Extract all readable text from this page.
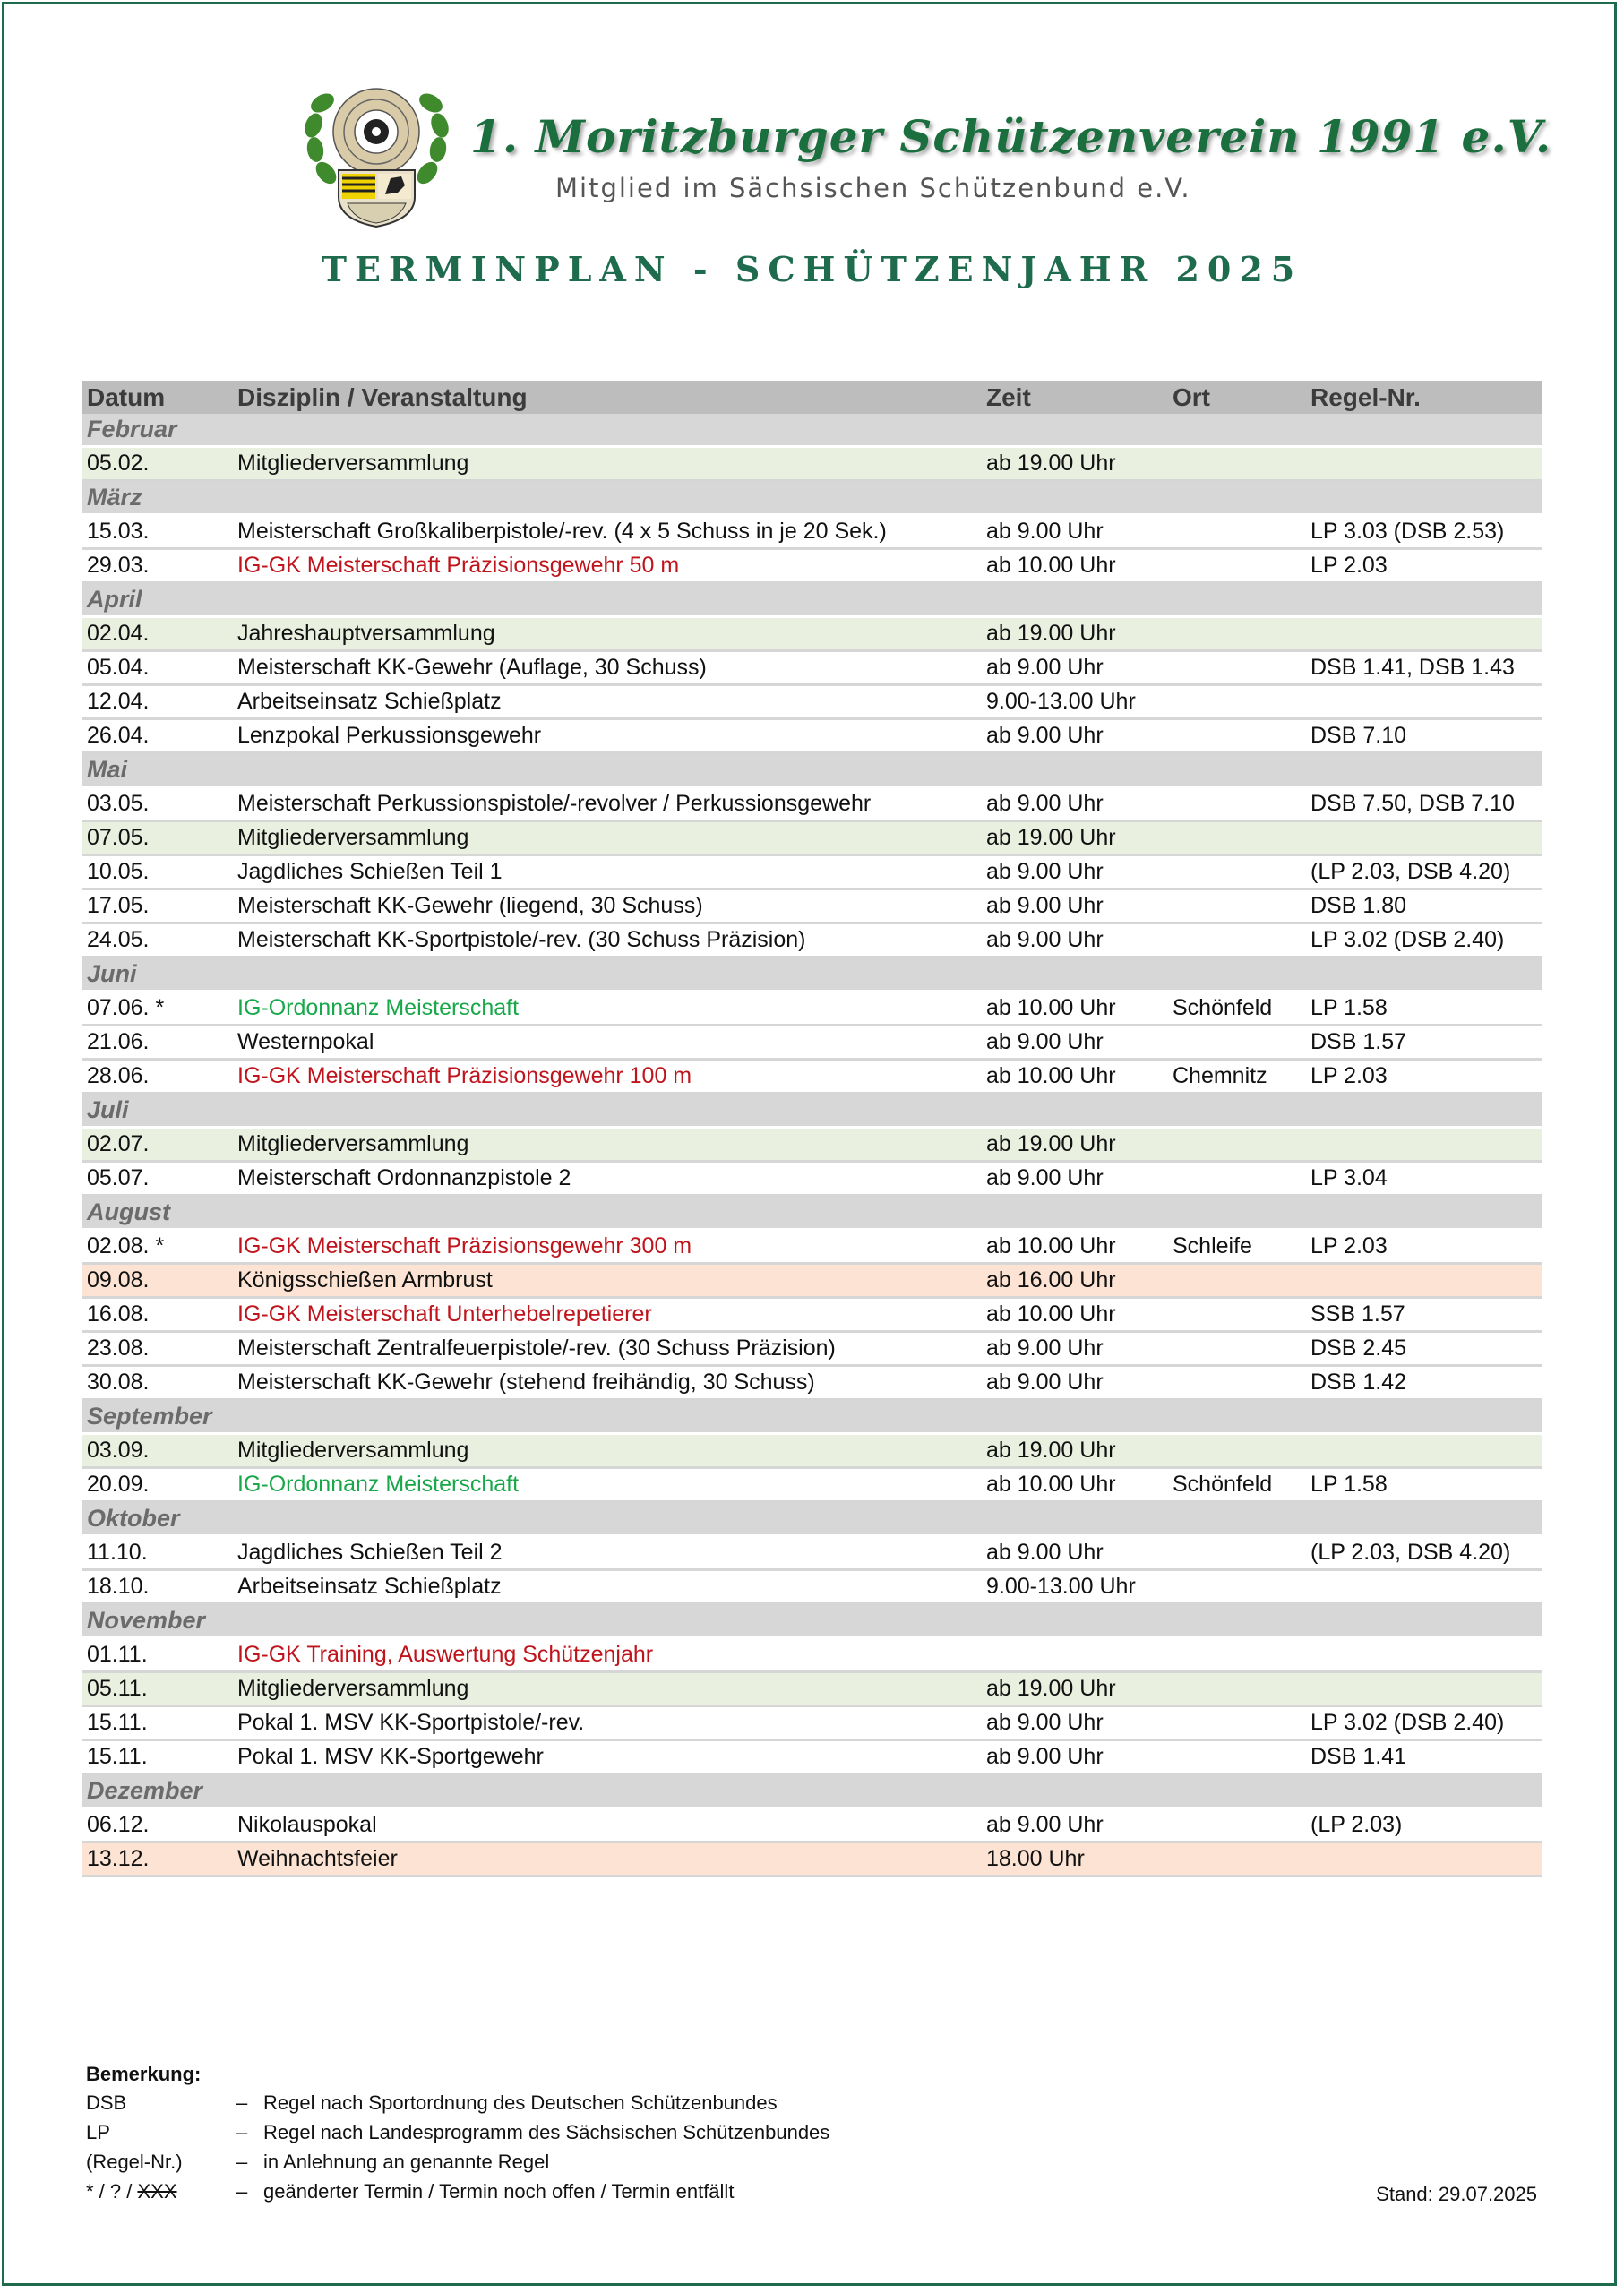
1. Moritzburger Schützenverein 1991 e.V.
Mitglied im Sächsischen Schützenbund e.V.
TERMINPLAN - SCHÜTZENJAHR 2025
Datum	Disziplin / Veranstaltung	Zeit	Ort	Regel-Nr.
Februar				
05.02.	Mitgliederversammlung	ab 19.00 Uhr		
März				
15.03.	Meisterschaft Großkaliberpistole/-rev. (4 x 5 Schuss in je 20 Sek.)	ab 9.00 Uhr		LP 3.03 (DSB 2.53)
29.03.	IG-GK Meisterschaft Präzisionsgewehr 50 m	ab 10.00 Uhr		LP 2.03
April				
02.04.	Jahreshauptversammlung	ab 19.00 Uhr		
05.04.	Meisterschaft KK-Gewehr (Auflage, 30 Schuss)	ab 9.00 Uhr		DSB 1.41, DSB 1.43
12.04.	Arbeitseinsatz Schießplatz	9.00-13.00 Uhr		
26.04.	Lenzpokal Perkussionsgewehr	ab 9.00 Uhr		DSB 7.10
Mai				
03.05.	Meisterschaft Perkussionspistole/-revolver / Perkussionsgewehr	ab 9.00 Uhr		DSB 7.50, DSB 7.10
07.05.	Mitgliederversammlung	ab 19.00 Uhr		
10.05.	Jagdliches Schießen Teil 1	ab 9.00 Uhr		(LP 2.03, DSB 4.20)
17.05.	Meisterschaft KK-Gewehr (liegend, 30 Schuss)	ab 9.00 Uhr		DSB 1.80
24.05.	Meisterschaft KK-Sportpistole/-rev. (30 Schuss Präzision)	ab 9.00 Uhr		LP 3.02 (DSB 2.40)
Juni				
07.06. *	IG-Ordonnanz Meisterschaft	ab 10.00 Uhr	Schönfeld	LP 1.58
21.06.	Westernpokal	ab 9.00 Uhr		DSB 1.57
28.06.	IG-GK Meisterschaft Präzisionsgewehr 100 m	ab 10.00 Uhr	Chemnitz	LP 2.03
Juli				
02.07.	Mitgliederversammlung	ab 19.00 Uhr		
05.07.	Meisterschaft Ordonnanzpistole 2	ab 9.00 Uhr		LP 3.04
August				
02.08. *	IG-GK Meisterschaft Präzisionsgewehr 300 m	ab 10.00 Uhr	Schleife	LP 2.03
09.08.	Königsschießen Armbrust	ab 16.00 Uhr		
16.08.	IG-GK Meisterschaft Unterhebelrepetierer	ab 10.00 Uhr		SSB 1.57
23.08.	Meisterschaft Zentralfeuerpistole/-rev. (30 Schuss Präzision)	ab 9.00 Uhr		DSB 2.45
30.08.	Meisterschaft KK-Gewehr (stehend freihändig, 30 Schuss)	ab 9.00 Uhr		DSB 1.42
September				
03.09.	Mitgliederversammlung	ab 19.00 Uhr		
20.09.	IG-Ordonnanz Meisterschaft	ab 10.00 Uhr	Schönfeld	LP 1.58
Oktober				
11.10.	Jagdliches Schießen Teil 2	ab 9.00 Uhr		(LP 2.03, DSB 4.20)
18.10.	Arbeitseinsatz Schießplatz	9.00-13.00 Uhr		
November				
01.11.	IG-GK Training, Auswertung Schützenjahr			
05.11.	Mitgliederversammlung	ab 19.00 Uhr		
15.11.	Pokal 1. MSV KK-Sportpistole/-rev.	ab 9.00 Uhr		LP 3.02 (DSB 2.40)
15.11.	Pokal 1. MSV KK-Sportgewehr	ab 9.00 Uhr		DSB 1.41
Dezember				
06.12.	Nikolauspokal	ab 9.00 Uhr		(LP 2.03)
13.12.	Weihnachtsfeier	18.00 Uhr		
Bemerkung:
DSB	– Regel nach Sportordnung des Deutschen Schützenbundes
LP	– Regel nach Landesprogramm des Sächsischen Schützenbundes
(Regel-Nr.)	– in Anlehnung an genannte Regel
* / ? / XXX	– geänderter Termin / Termin noch offen / Termin entfällt	Stand: 29.07.2025
